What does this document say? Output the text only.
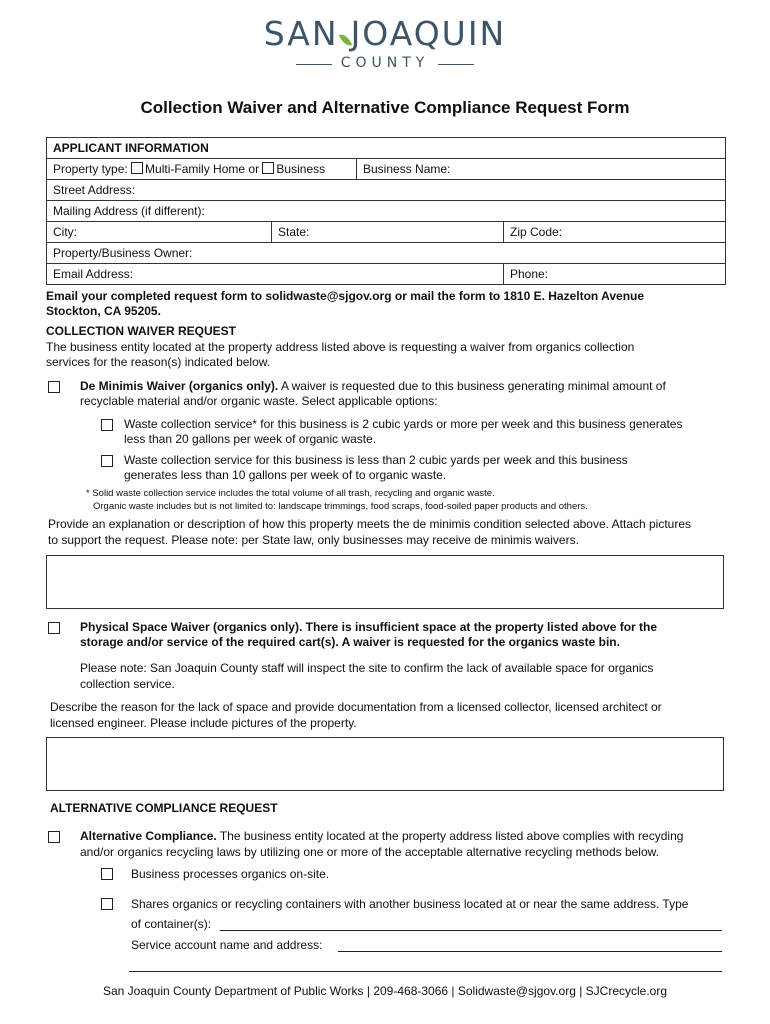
SAN JOAQUIN
COUNTY
Collection Waiver and Alternative Compliance Request Form
APPLICANT INFORMATION			
Property type: Multi-Family Home or Business		Business Name:	
Street Address:			
Mailing Address (if different):			
City:	State:		Zip Code:
Property/Business Owner:			
Email Address:			Phone:
Email your completed request form to solidwaste@sjgov.org or mail the form to 1810 E. Hazelton Avenue
Stockton, CA 95205.
COLLECTION WAIVER REQUEST
The business entity located at the property address listed above is requesting a waiver from organics collection
services for the reason(s) indicated below.
De Minimis Waiver (organics only). A waiver is requested due to this business generating minimal amount of
recyclable material and/or organic waste. Select applicable options:
Waste collection service* for this business is 2 cubic yards or more per week and this business generates
less than 20 gallons per week of organic waste.
Waste collection service for this business is less than 2 cubic yards per week and this business
generates less than 10 gallons per week of to organic waste.
* Solid waste collection service includes the total volume of all trash, recycling and organic waste.
Organic waste includes but is not limited to: landscape trimmings, food scraps, food-soiled paper products and others.
Provide an explanation or description of how this property meets the de minimis condition selected above. Attach pictures
to support the request. Please note: per State law, only businesses may receive de minimis waivers.
Physical Space Waiver (organics only). There is insufficient space at the property listed above for the
storage and/or service of the required cart(s). A waiver is requested for the organics waste bin.
Please note: San Joaquin County staff will inspect the site to confirm the lack of available space for organics
collection service.
Describe the reason for the lack of space and provide documentation from a licensed collector, licensed architect or
licensed engineer. Please include pictures of the property.
ALTERNATIVE COMPLIANCE REQUEST
Alternative Compliance. The business entity located at the property address listed above complies with recyding
and/or organics recycling laws by utilizing one or more of the acceptable alternative recycling methods below.
Business processes organics on-site.
Shares organics or recycling containers with another business located at or near the same address. Type
of container(s):
Service account name and address:
San Joaquin County Department of Public Works | 209-468-3066 | Solidwaste@sjgov.org | SJCrecycle.org
